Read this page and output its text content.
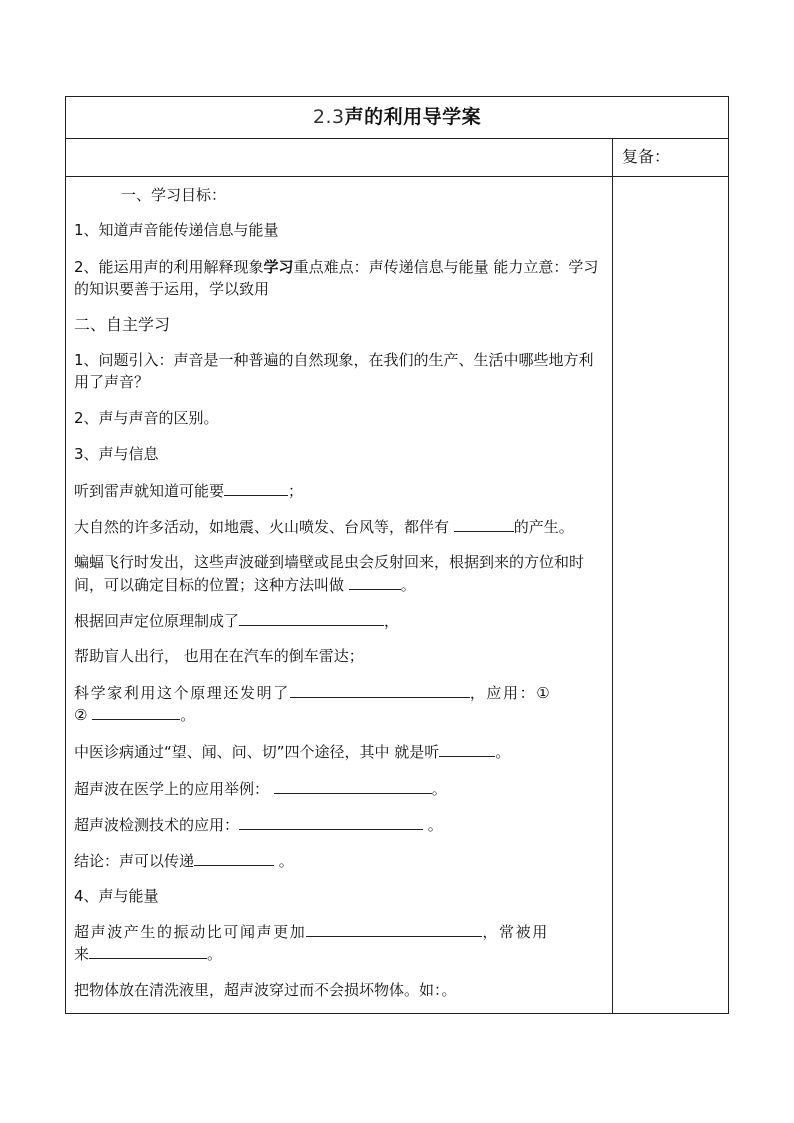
2.3声的利用导学案
复备：
一、学习目标：
1、知道声音能传递信息与能量
2、能运用声的利用解释现象学习重点难点：声传递信息与能量 能力立意：学习的知识要善于运用，学以致用
二、自主学习
1、问题引入：声音是一种普遍的自然现象，在我们的生产、生活中哪些地方利用了声音？
2、声与声音的区别。
3、声与信息
听到雷声就知道可能要	；
大自然的许多活动，如地震、火山喷发、台风等，都伴有	的产生。
蝙蝠飞行时发出，这些声波碰到墙壁或昆虫会反射回来，根据到来的方位和时间，可以确定目标的位置；这种方法叫做	。
根据回声定位原理制成了	，
帮助盲人出行， 也用在在汽车的倒车雷达；
科学家利用这个原理还发明了	，应用：①
②	。
中医诊病通过“望、闻、问、切”四个途径，其中 就是听	。
超声波在医学上的应用举例：	。
超声波检测技术的应用：	。
结论：声可以传递	。
4、声与能量
超声波产生的振动比可闻声更加	，常被用
来	。
把物体放在清洗液里，超声波穿过而不会损坏物体。如：。
